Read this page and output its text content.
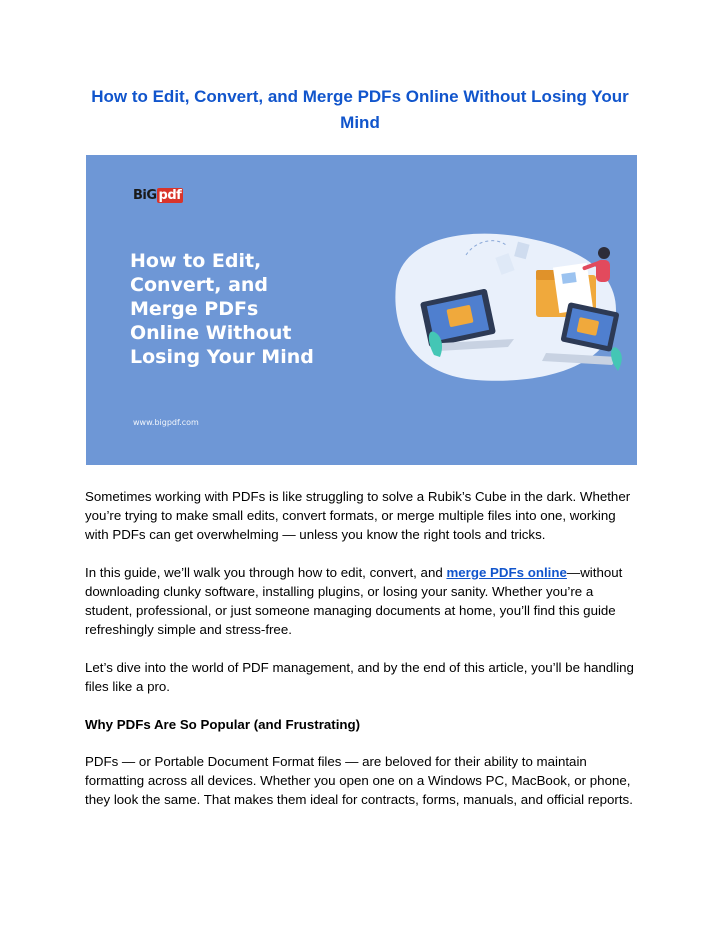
How to Edit, Convert, and Merge PDFs Online Without Losing Your Mind
BiG pdf
How to Edit,
Convert, and
Merge PDFs
Online Without
Losing Your Mind
www.bigpdf.com

Sometimes working with PDFs is like struggling to solve a Rubik’s Cube in the dark. Whether you’re trying to make small edits, convert formats, or merge multiple files into one, working with PDFs can get overwhelming — unless you know the right tools and tricks.

In this guide, we’ll walk you through how to edit, convert, and merge PDFs online—without downloading clunky software, installing plugins, or losing your sanity. Whether you’re a student, professional, or just someone managing documents at home, you’ll find this guide refreshingly simple and stress-free.

Let’s dive into the world of PDF management, and by the end of this article, you’ll be handling files like a pro.

Why PDFs Are So Popular (and Frustrating)

PDFs — or Portable Document Format files — are beloved for their ability to maintain formatting across all devices. Whether you open one on a Windows PC, MacBook, or phone, they look the same. That makes them ideal for contracts, forms, manuals, and official reports.
